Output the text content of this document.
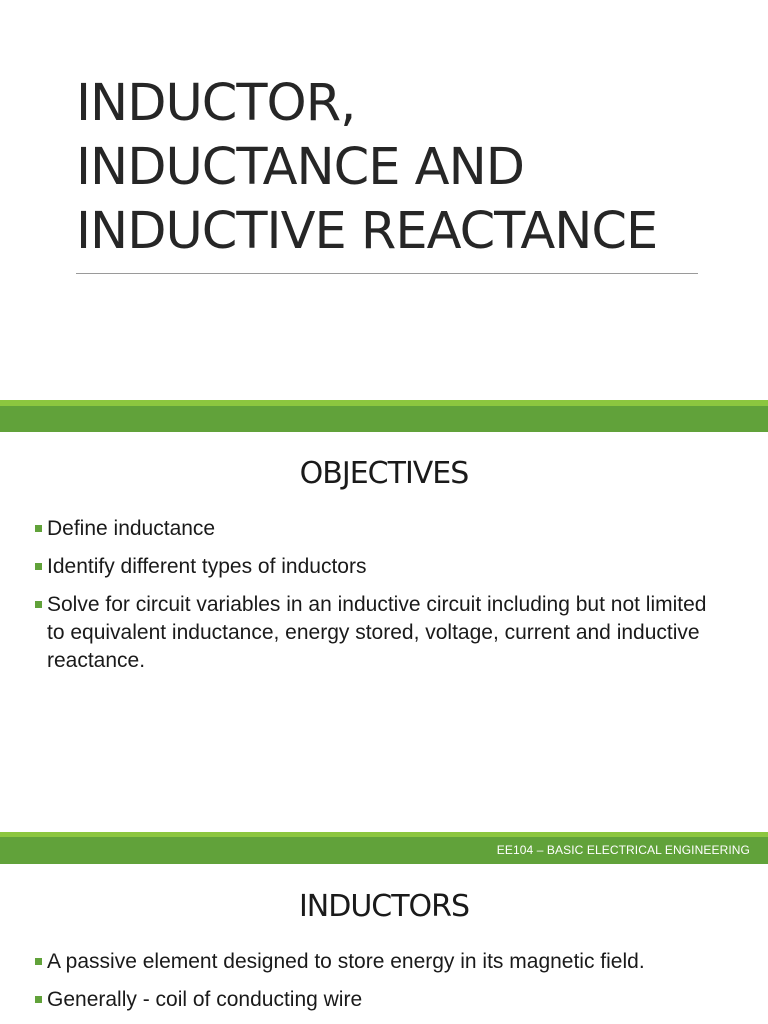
INDUCTOR,
INDUCTANCE AND
INDUCTIVE REACTANCE
OBJECTIVES
Define inductance
Identify different types of inductors
Solve for circuit variables in an inductive circuit including but not limited to equivalent inductance, energy stored, voltage, current and inductive reactance.
EE104 – BASIC ELECTRICAL ENGINEERING
INDUCTORS
A passive element designed to store energy in its magnetic field.
Generally - coil of conducting wire
